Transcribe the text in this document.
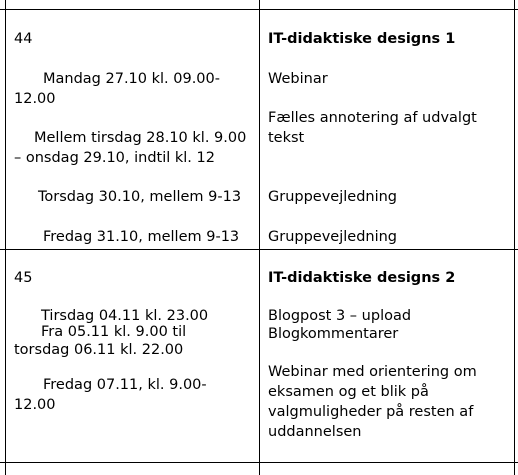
44
Mandag 27.10 kl. 09.00-
12.00
Mellem tirsdag 28.10 kl. 9.00
– onsdag 29.10, indtil kl. 12
Torsdag 30.10, mellem 9-13
Fredag 31.10, mellem 9-13
IT-didaktiske designs 1
Webinar
Fælles annotering af udvalgt
tekst
Gruppevejledning
Gruppevejledning
45
Tirsdag 04.11 kl. 23.00
Fra 05.11 kl. 9.00 til
torsdag 06.11 kl. 22.00
Fredag 07.11, kl. 9.00-
12.00
IT-didaktiske designs 2
Blogpost 3 – upload
Blogkommentarer
Webinar med orientering om
eksamen og et blik på
valgmuligheder på resten af
uddannelsen
